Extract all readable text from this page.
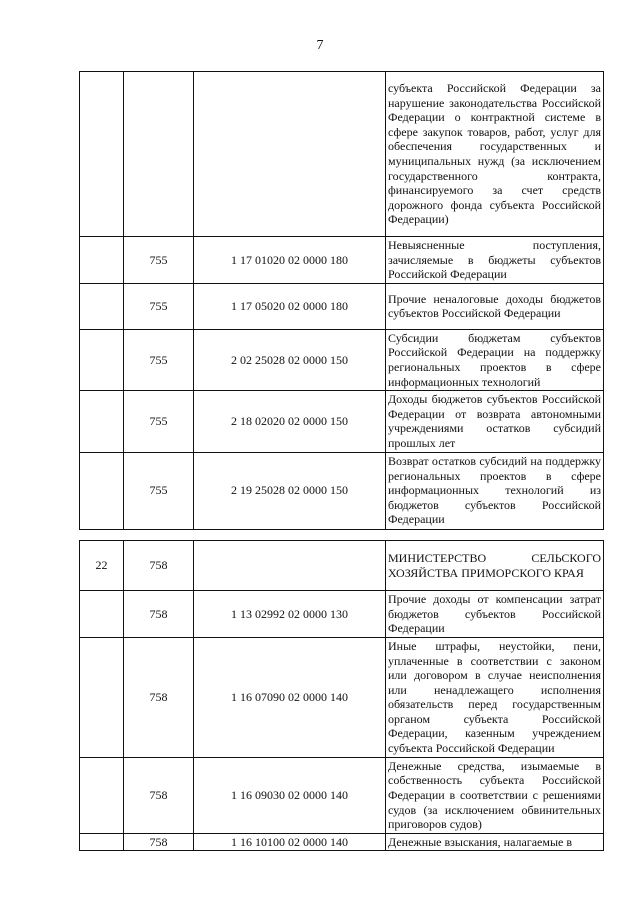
7
			субъекта Российской Федерации за нарушение законодательства Российской Федерации о контрактной системе в сфере закупок товаров, работ, услуг для обеспечения государственных и муниципальных нужд (за исключением государственного контракта, финансируемого за счет средств дорожного фонда субъекта Российской Федерации)
	755	1 17 01020 02 0000 180	Невыясненные поступления, зачисляемые в бюджеты субъектов Российской Федерации
	755	1 17 05020 02 0000 180	Прочие неналоговые доходы бюджетов субъектов Российской Федерации
	755	2 02 25028 02 0000 150	Субсидии бюджетам субъектов Российской Федерации на поддержку региональных проектов в сфере информационных технологий
	755	2 18 02020 02 0000 150	Доходы бюджетов субъектов Российской Федерации от возврата автономными учреждениями остатков субсидий прошлых лет
	755	2 19 25028 02 0000 150	Возврат остатков субсидий на поддержку региональных проектов в сфере информационных технологий из бюджетов субъектов Российской Федерации
22	758		МИНИСТЕРСТВО СЕЛЬСКОГО ХОЗЯЙСТВА ПРИМОРСКОГО КРАЯ
	758	1 13 02992 02 0000 130	Прочие доходы от компенсации затрат бюджетов субъектов Российской Федерации
	758	1 16 07090 02 0000 140	Иные штрафы, неустойки, пени, уплаченные в соответствии с законом или договором в случае неисполнения или ненадлежащего исполнения обязательств перед государственным органом субъекта Российской Федерации, казенным учреждением субъекта Российской Федерации
	758	1 16 09030 02 0000 140	Денежные средства, изымаемые в собственность субъекта Российской Федерации в соответствии с решениями судов (за исключением обвинительных приговоров судов)
	758	1 16 10100 02 0000 140	Денежные взыскания, налагаемые в
